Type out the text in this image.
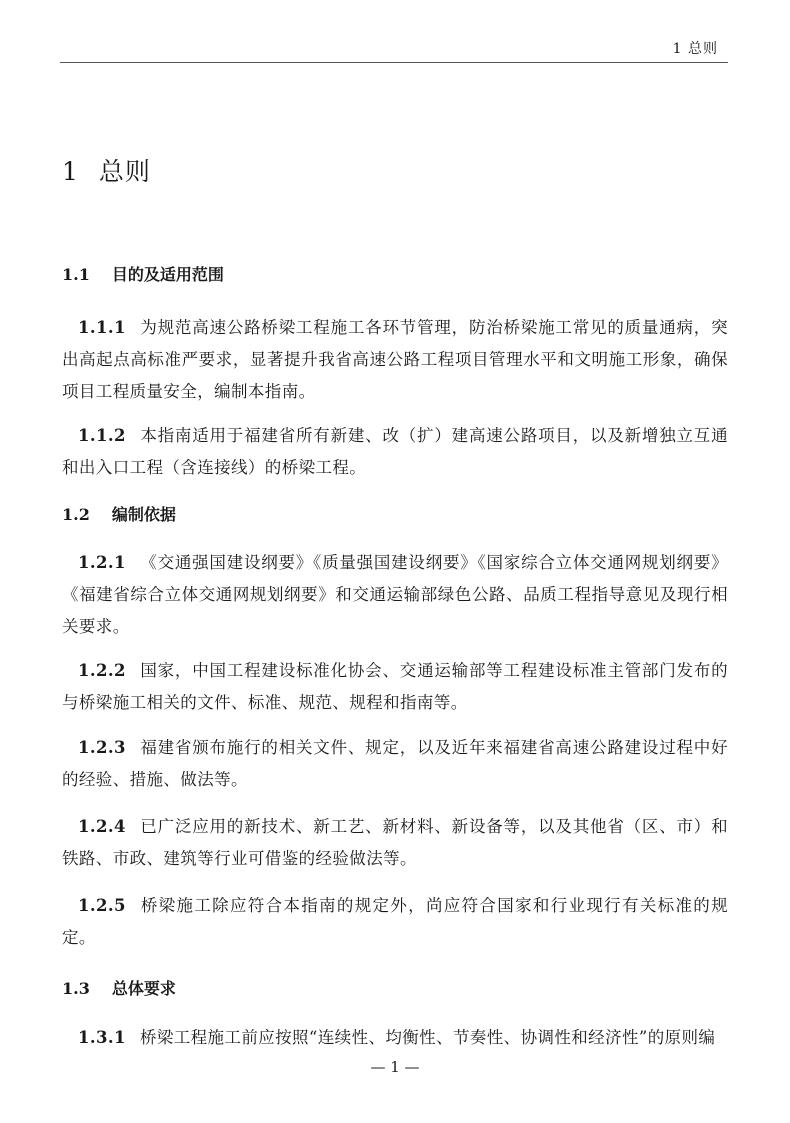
1 总则
1 总则
1.1 目的及适用范围

1.1.1 为规范高速公路桥梁工程施工各环节管理，防治桥梁施工常见的质量通病，突出高起点高标准严要求，显著提升我省高速公路工程项目管理水平和文明施工形象，确保项目工程质量安全，编制本指南。

1.1.2 本指南适用于福建省所有新建、改（扩）建高速公路项目，以及新增独立互通和出入口工程（含连接线）的桥梁工程。

1.2 编制依据

1.2.1 《交通强国建设纲要》《质量强国建设纲要》《国家综合立体交通网规划纲要》《福建省综合立体交通网规划纲要》和交通运输部绿色公路、品质工程指导意见及现行相关要求。

1.2.2 国家，中国工程建设标准化协会、交通运输部等工程建设标准主管部门发布的与桥梁施工相关的文件、标准、规范、规程和指南等。

1.2.3 福建省颁布施行的相关文件、规定，以及近年来福建省高速公路建设过程中好的经验、措施、做法等。

1.2.4 已广泛应用的新技术、新工艺、新材料、新设备等，以及其他省（区、市）和铁路、市政、建筑等行业可借鉴的经验做法等。

1.2.5 桥梁施工除应符合本指南的规定外，尚应符合国家和行业现行有关标准的规定。

1.3 总体要求

1.3.1 桥梁工程施工前应按照“连续性、均衡性、节奏性、协调性和经济性”的原则编

— 1 —
